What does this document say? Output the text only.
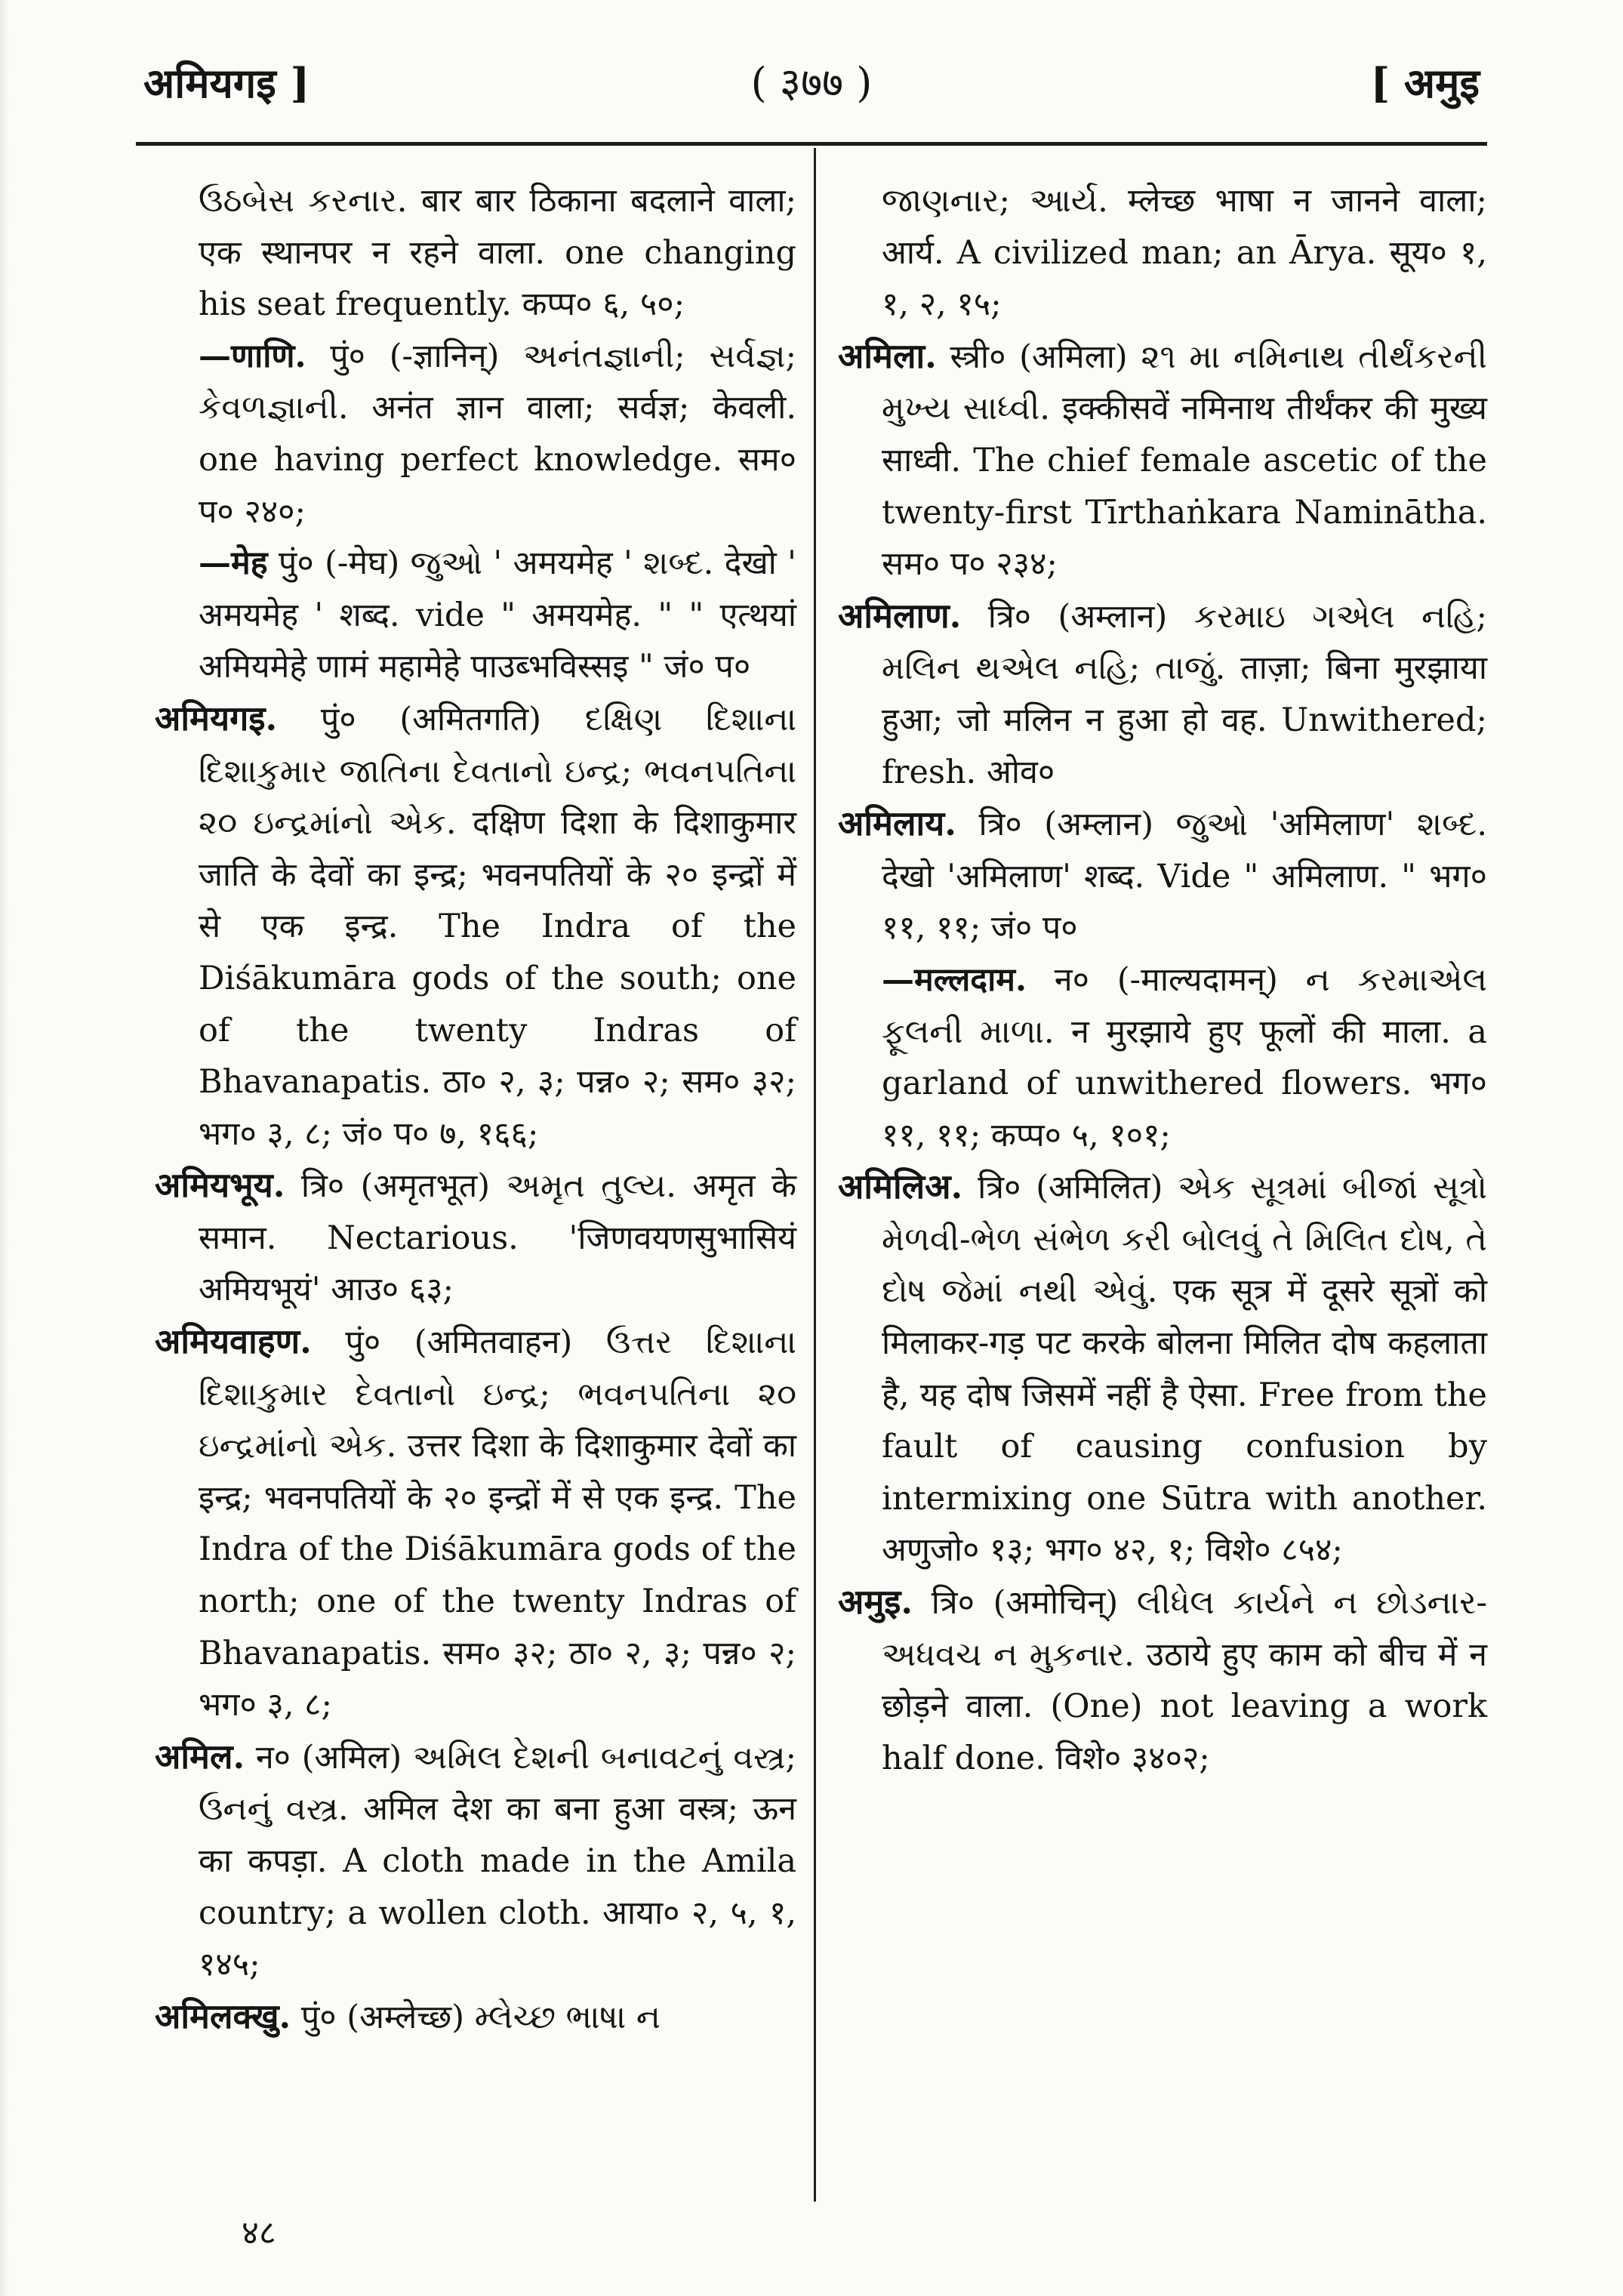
अमियगइ ]	( ३७७ )	[ अमुइ

ઉઠબેસ કરનાર. बार बार ठिकाना बदलाने वाला; एक स्थानपर न रहने वाला. one changing his seat frequently. कप्प० ६, ५०;

—णाणि. पुं० (-ज्ञानिन्) અનંતજ્ઞાની; સર્વજ્ઞ; કેવળજ્ઞાની. अनंत ज्ञान वाला; सर्वज्ञ; केवली. one having perfect knowledge. सम० प० २४०;

—मेह पुं० (-मेघ) જુઓ ' अमयमेह ' શબ્દ. देखो ' अमयमेह ' शब्द. vide " अमयमेह. " " एत्थयां अमियमेहे णामं महामेहे पाउब्भविस्सइ " जं० प०

अमियगइ. पुं० (अमितगति) દક્ષિણ દિશાના દિશાકુમાર જાતિના દેવતાનો ઇન્દ્ર; ભવનપતિના ૨૦ ઇન્દ્રમાંનો એક. दक्षिण दिशा के दिशाकुमार जाति के देवों का इन्द्र; भवनपतियों के २० इन्द्रों में से एक इन्द्र. The Indra of the Diśākumāra gods of the south; one of the twenty Indras of Bhavanapatis. ठा० २, ३; पन्न० २; सम० ३२; भग० ३, ८; जं० प० ७, १६६;

अमियभूय. त्रि० (अमृतभूत) અમૃત તુલ્ય. अमृत के समान. Nectarious. 'जिणवयणसुभासियं अमियभूयं' आउ० ६३;

अमियवाहण. पुं० (अमितवाहन) ઉત્તર દિશાના દિશાકુમાર દેવતાનો ઇન્દ્ર; ભવનપતિના ૨૦ ઇન્દ્રમાંનો એક. उत्तर दिशा के दिशाकुमार देवों का इन्द्र; भवनपतियों के २० इन्द्रों में से एक इन्द्र. The Indra of the Diśākumāra gods of the north; one of the twenty Indras of Bhavanapatis. सम० ३२; ठा० २, ३; पन्न० २; भग० ३, ८;

अमिल. न० (अमिल) અમિલ દેશની બનાવટનું વસ્ત્ર; ઉનનું વસ્ત્ર. अमिल देश का बना हुआ वस्त्र; ऊन का कपड़ा. A cloth made in the Amila country; a wollen cloth. आया० २, ५, १, १४५;

अमिलक्खु. पुं० (अम्लेच्छ) મ્લેચ્છ ભાષા ન

જાણનાર; આર્ય. म्लेच्छ भाषा न जानने वाला; आर्य. A civilized man; an Ārya. सूय० १, १, २, १५;

अमिला. स्त्री० (अमिला) ૨૧ મા નમિનાથ તીર્થંકરની મુખ્ય સાધ્વી. इक्कीसवें नमिनाथ तीर्थंकर की मुख्य साध्वी. The chief female ascetic of the twenty-first Tīrthaṅkara Naminātha. सम० प० २३४;

अमिलाण. त्रि० (अम्लान) કરમાઇ ગએલ નહિ; મલિન થએલ નહિ; તાજું. ताज़ा; बिना मुरझाया हुआ; जो मलिन न हुआ हो वह. Unwithered; fresh. ओव०

अमिलाय. त्रि० (अम्लान) જુઓ 'अमिलाण' શબ્દ. देखो 'अमिलाण' शब्द. Vide " अमिलाण. " भग० ११, ११; जं० प०

—मल्लदाम. न० (-माल्यदामन्) ન કરમાએલ ફૂલની માળા. न मुरझाये हुए फूलों की माला. a garland of unwithered flowers. भग० ११, ११; कप्प० ५, १०१;

अमिलिअ. त्रि० (अमिलित) એક સૂત્રમાં બીજાં સૂત્રો મેળવી-ભેળ સંભેળ કરી બોલવું તે મિલિત દોષ, તે દોષ જેમાં નથી એવું. एक सूत्र में दूसरे सूत्रों को मिलाकर-गड़ पट करके बोलना मिलित दोष कहलाता है, यह दोष जिसमें नहीं है ऐसा. Free from the fault of causing confusion by intermixing one Sūtra with another. अणुजो० १३; भग० ४२, १; विशे० ८५४;

अमुइ. त्रि० (अमोचिन्) લીધેલ કાર્યને ન છોડનાર-અધવચ ન મુકનાર. उठाये हुए काम को बीच में न छोड़ने वाला. (One) not leaving a work half done. विशे० ३४०२;

४८
